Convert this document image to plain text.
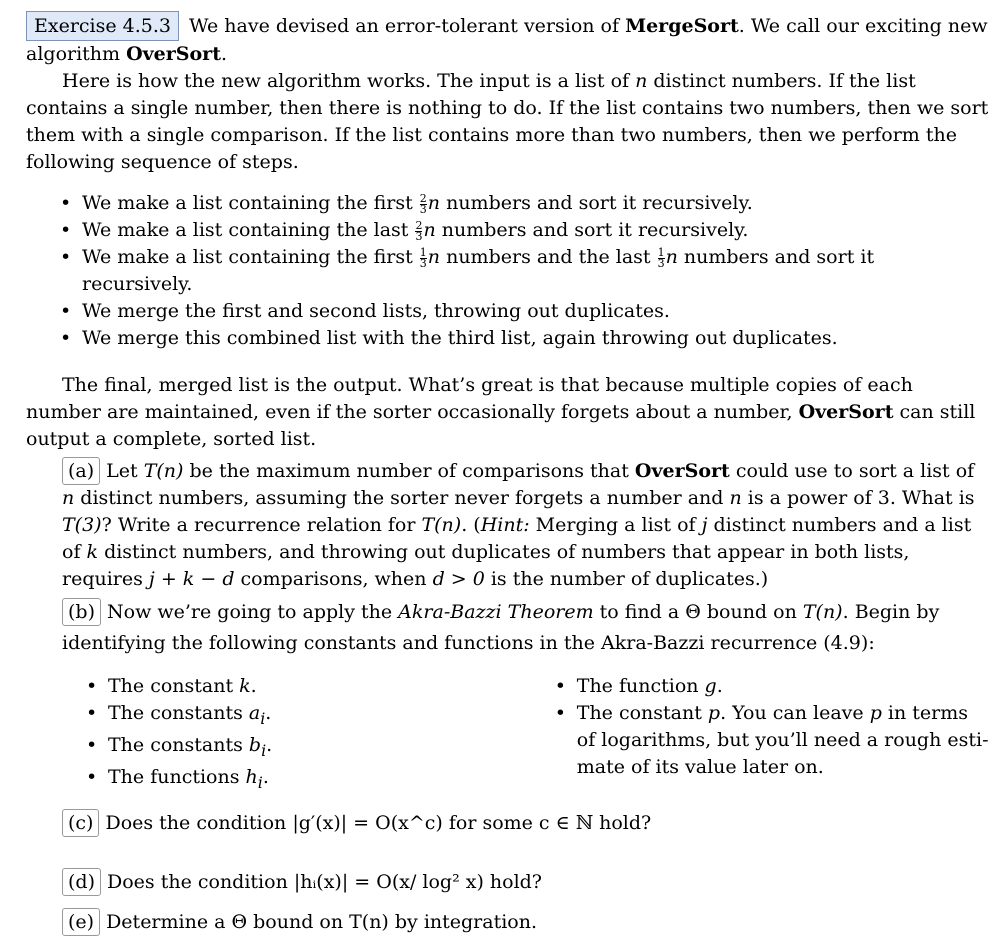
Exercise 4.5.3 We have devised an error-tolerant version of MergeSort. We call our exciting new algorithm OverSort.

Here is how the new algorithm works. The input is a list of n distinct numbers. If the list contains a single number, then there is nothing to do. If the list contains two numbers, then we sort them with a single comparison. If the list contains more than two numbers, then we perform the following sequence of steps.

• We make a list containing the first $\frac{2}{3}$ n numbers and sort it recursively.
• We make a list containing the last $\frac{2}{3}$ n numbers and sort it recursively.
• We make a list containing the first $\frac{1}{3}$ n numbers and the last $\frac{1}{3}$ n numbers and sort it recursively.
• We merge the first and second lists, throwing out duplicates.
• We merge this combined list with the third list, again throwing out duplicates.

The final, merged list is the output. What’s great is that because multiple copies of each number are maintained, even if the sorter occasionally forgets about a number, OverSort can still output a complete, sorted list.

(a) Let T(n) be the maximum number of comparisons that OverSort could use to sort a list of n distinct numbers, assuming the sorter never forgets a number and n is a power of 3. What is T(3)? Write a recurrence relation for T(n). (Hint: Merging a list of j distinct numbers and a list of k distinct numbers, and throwing out duplicates of numbers that appear in both lists, requires j + k − d comparisons, when d > 0 is the number of duplicates.)

(b) Now we’re going to apply the Akra-Bazzi Theorem to find a Θ bound on T(n). Begin by identifying the following constants and functions in the Akra-Bazzi recurrence (4.9):

• The constant k.
• The constants $a_i$.
• The constants $b_i$.
• The functions $h_i$.
• The function g.
• The constant p. You can leave p in terms of logarithms, but you’ll need a rough esti-mate of its value later on.

(c) Does the condition |g′(x)| = O(x^c) for some c ∈ ℕ hold?

(d) Does the condition |hᵢ(x)| = O(x/ log² x) hold?

(e) Determine a Θ bound on T(n) by integration.
